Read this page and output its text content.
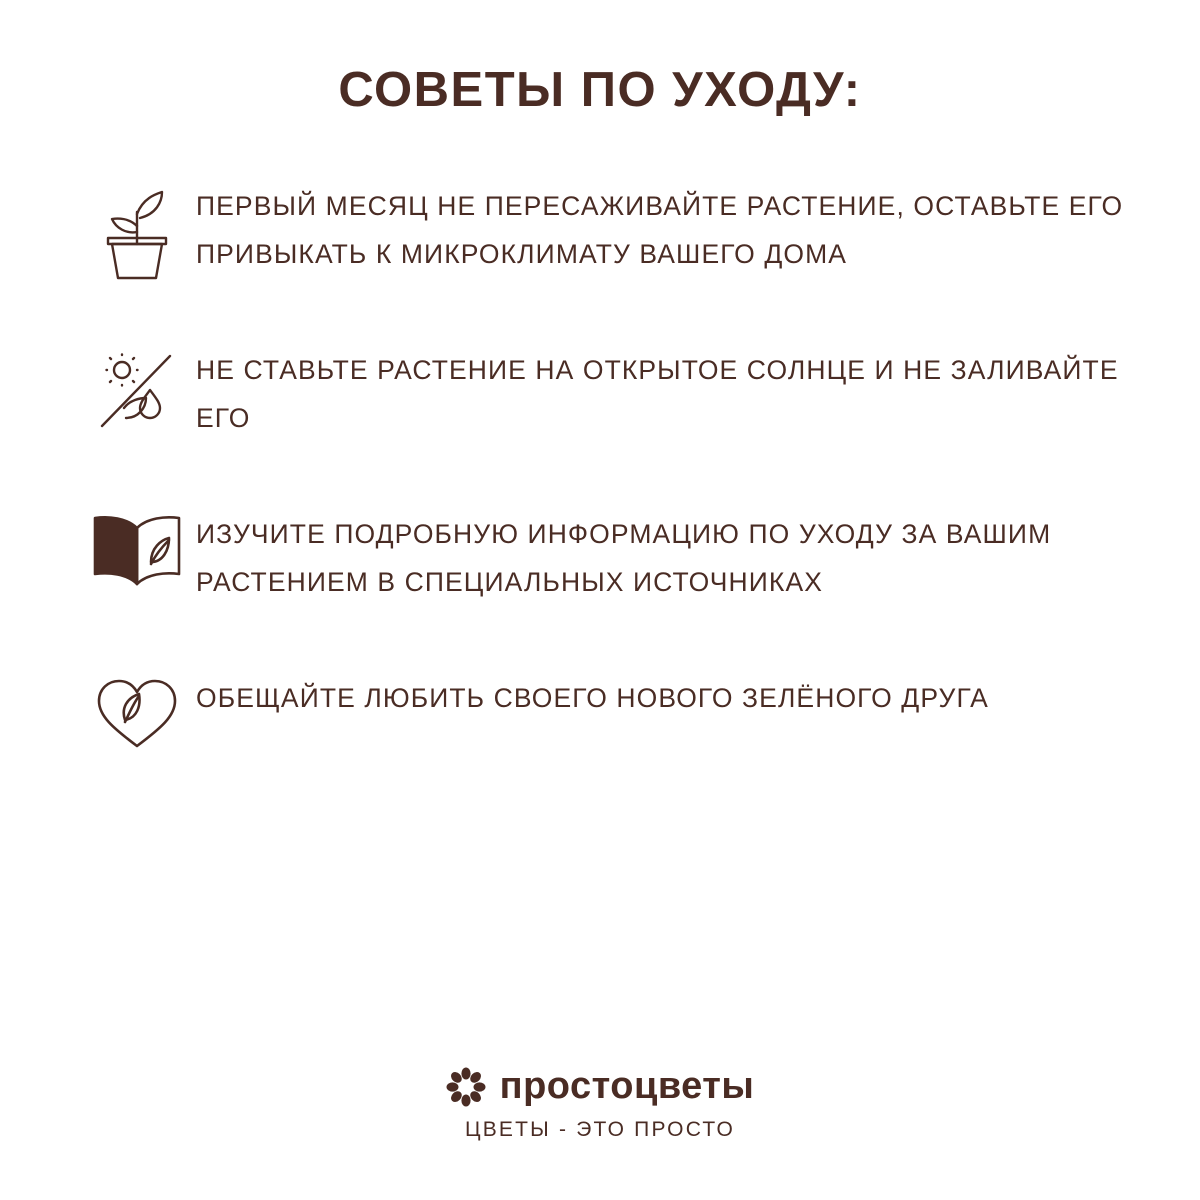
СОВЕТЫ ПО УХОДУ:
ПЕРВЫЙ МЕСЯЦ НЕ ПЕРЕСАЖИВАЙТЕ РАСТЕНИЕ, ОСТАВЬТЕ ЕГО ПРИВЫКАТЬ К МИКРОКЛИМАТУ ВАШЕГО ДОМА
НЕ СТАВЬТЕ РАСТЕНИЕ НА ОТКРЫТОЕ СОЛНЦЕ И НЕ ЗАЛИВАЙТЕ ЕГО
ИЗУЧИТЕ ПОДРОБНУЮ ИНФОРМАЦИЮ ПО УХОДУ ЗА ВАШИМ РАСТЕНИЕМ В СПЕЦИАЛЬНЫХ ИСТОЧНИКАХ
ОБЕЩАЙТЕ ЛЮБИТЬ СВОЕГО НОВОГО ЗЕЛЁНОГО ДРУГА
простоцветы
ЦВЕТЫ - ЭТО ПРОСТО
